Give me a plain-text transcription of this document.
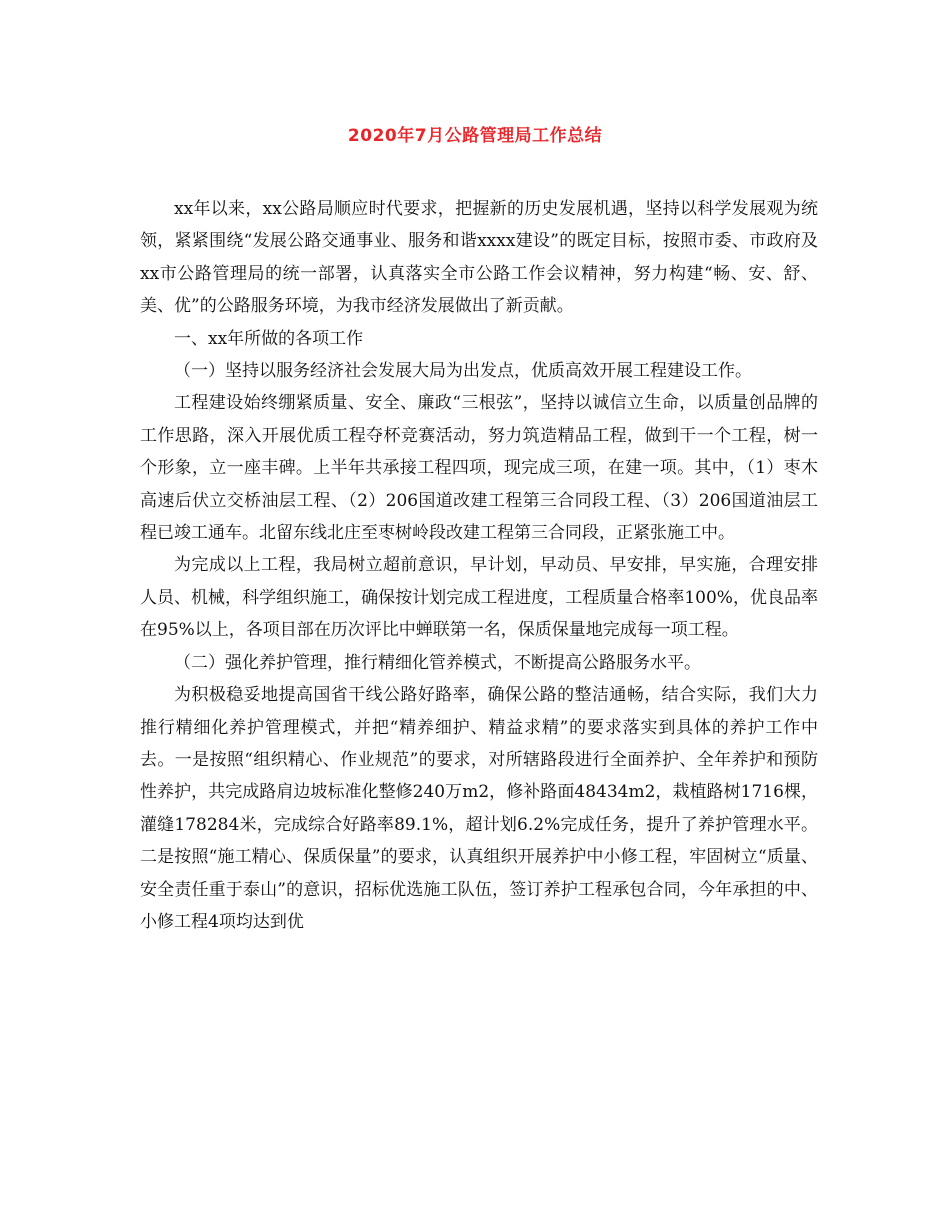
2020年7月公路管理局工作总结

xx年以来，xx公路局顺应时代要求，把握新的历史发展机遇，坚持以科学发展观为统领，紧紧围绕“发展公路交通事业、服务和谐xxxx建设”的既定目标，按照市委、市政府及xx市公路管理局的统一部署，认真落实全市公路工作会议精神，努力构建“畅、安、舒、美、优”的公路服务环境，为我市经济发展做出了新贡献。

一、xx年所做的各项工作

（一）坚持以服务经济社会发展大局为出发点，优质高效开展工程建设工作。

工程建设始终绷紧质量、安全、廉政“三根弦”，坚持以诚信立生命，以质量创品牌的工作思路，深入开展优质工程夺杯竞赛活动，努力筑造精品工程，做到干一个工程，树一个形象，立一座丰碑。上半年共承接工程四项，现完成三项，在建一项。其中，（1）枣木高速后伏立交桥油层工程、（2）206国道改建工程第三合同段工程、（3）206国道油层工程已竣工通车。北留东线北庄至枣树岭段改建工程第三合同段，正紧张施工中。

为完成以上工程，我局树立超前意识，早计划，早动员、早安排，早实施，合理安排人员、机械，科学组织施工，确保按计划完成工程进度，工程质量合格率100%，优良品率在95%以上，各项目部在历次评比中蝉联第一名，保质保量地完成每一项工程。

（二）强化养护管理，推行精细化管养模式，不断提高公路服务水平。

为积极稳妥地提高国省干线公路好路率，确保公路的整洁通畅，结合实际，我们大力推行精细化养护管理模式，并把“精养细护、精益求精”的要求落实到具体的养护工作中去。一是按照“组织精心、作业规范”的要求，对所辖路段进行全面养护、全年养护和预防性养护，共完成路肩边坡标准化整修240万m2，修补路面48434m2，栽植路树1716棵，灌缝178284米，完成综合好路率89.1%，超计划6.2%完成任务，提升了养护管理水平。二是按照“施工精心、保质保量”的要求，认真组织开展养护中小修工程，牢固树立“质量、安全责任重于泰山”的意识，招标优选施工队伍，签订养护工程承包合同，今年承担的中、小修工程4项均达到优
